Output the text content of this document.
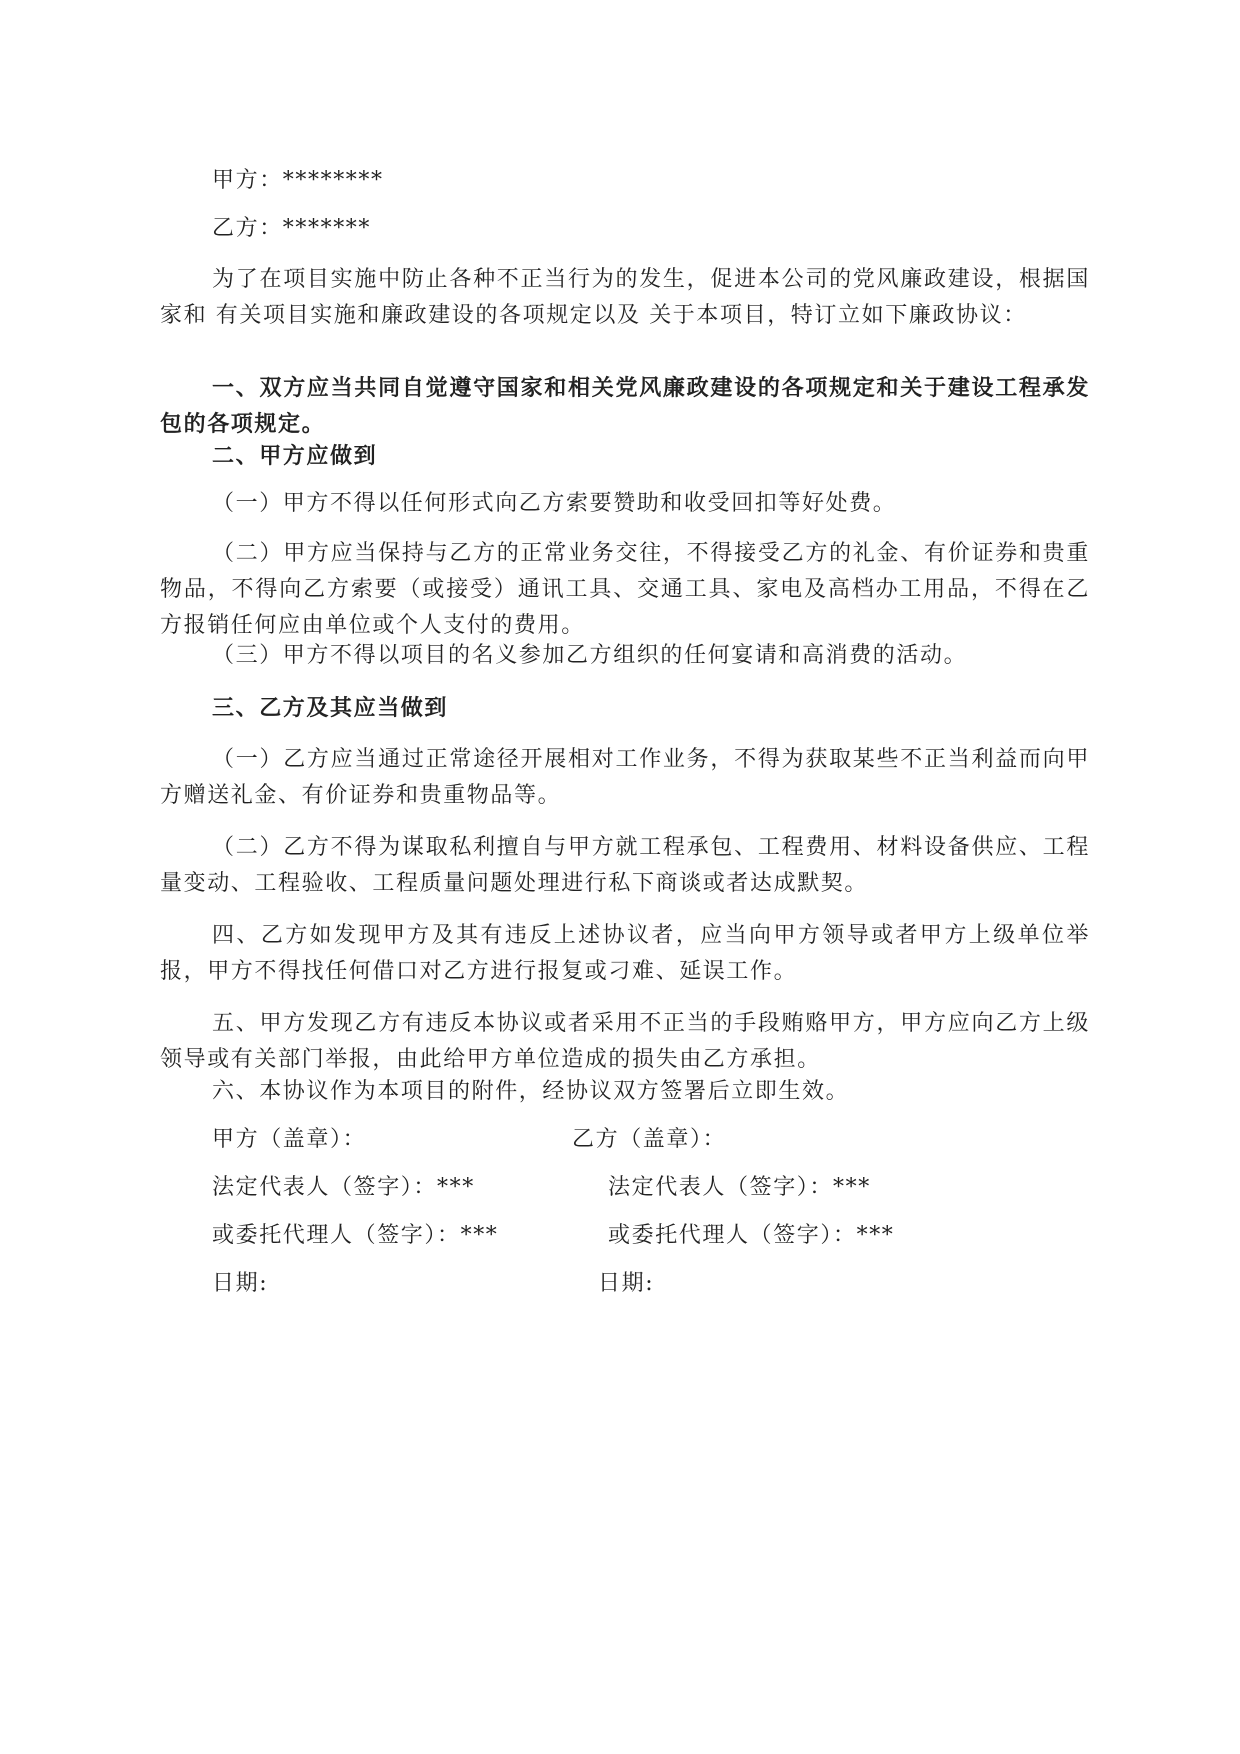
甲方：********
乙方：*******
为了在项目实施中防止各种不正当行为的发生，促进本公司的党风廉政建设，根据国家和 有关项目实施和廉政建设的各项规定以及 关于本项目，特订立如下廉政协议：
一、双方应当共同自觉遵守国家和相关党风廉政建设的各项规定和关于建设工程承发包的各项规定。
二、甲方应做到
（一）甲方不得以任何形式向乙方索要赞助和收受回扣等好处费。
（二）甲方应当保持与乙方的正常业务交往，不得接受乙方的礼金、有价证券和贵重物品，不得向乙方索要（或接受）通讯工具、交通工具、家电及高档办工用品，不得在乙方报销任何应由单位或个人支付的费用。
（三）甲方不得以项目的名义参加乙方组织的任何宴请和高消费的活动。
三、乙方及其应当做到
（一）乙方应当通过正常途径开展相对工作业务，不得为获取某些不正当利益而向甲方赠送礼金、有价证券和贵重物品等。
（二）乙方不得为谋取私利擅自与甲方就工程承包、工程费用、材料设备供应、工程量变动、工程验收、工程质量问题处理进行私下商谈或者达成默契。
四、乙方如发现甲方及其有违反上述协议者，应当向甲方领导或者甲方上级单位举报，甲方不得找任何借口对乙方进行报复或刁难、延误工作。
五、甲方发现乙方有违反本协议或者采用不正当的手段贿赂甲方，甲方应向乙方上级领导或有关部门举报，由此给甲方单位造成的损失由乙方承担。
六、本协议作为本项目的附件，经协议双方签署后立即生效。
甲方（盖章）：	乙方（盖章）：
法定代表人（签字）：***	法定代表人（签字）：***
或委托代理人（签字）：***	或委托代理人（签字）：***
日期:	日期:
